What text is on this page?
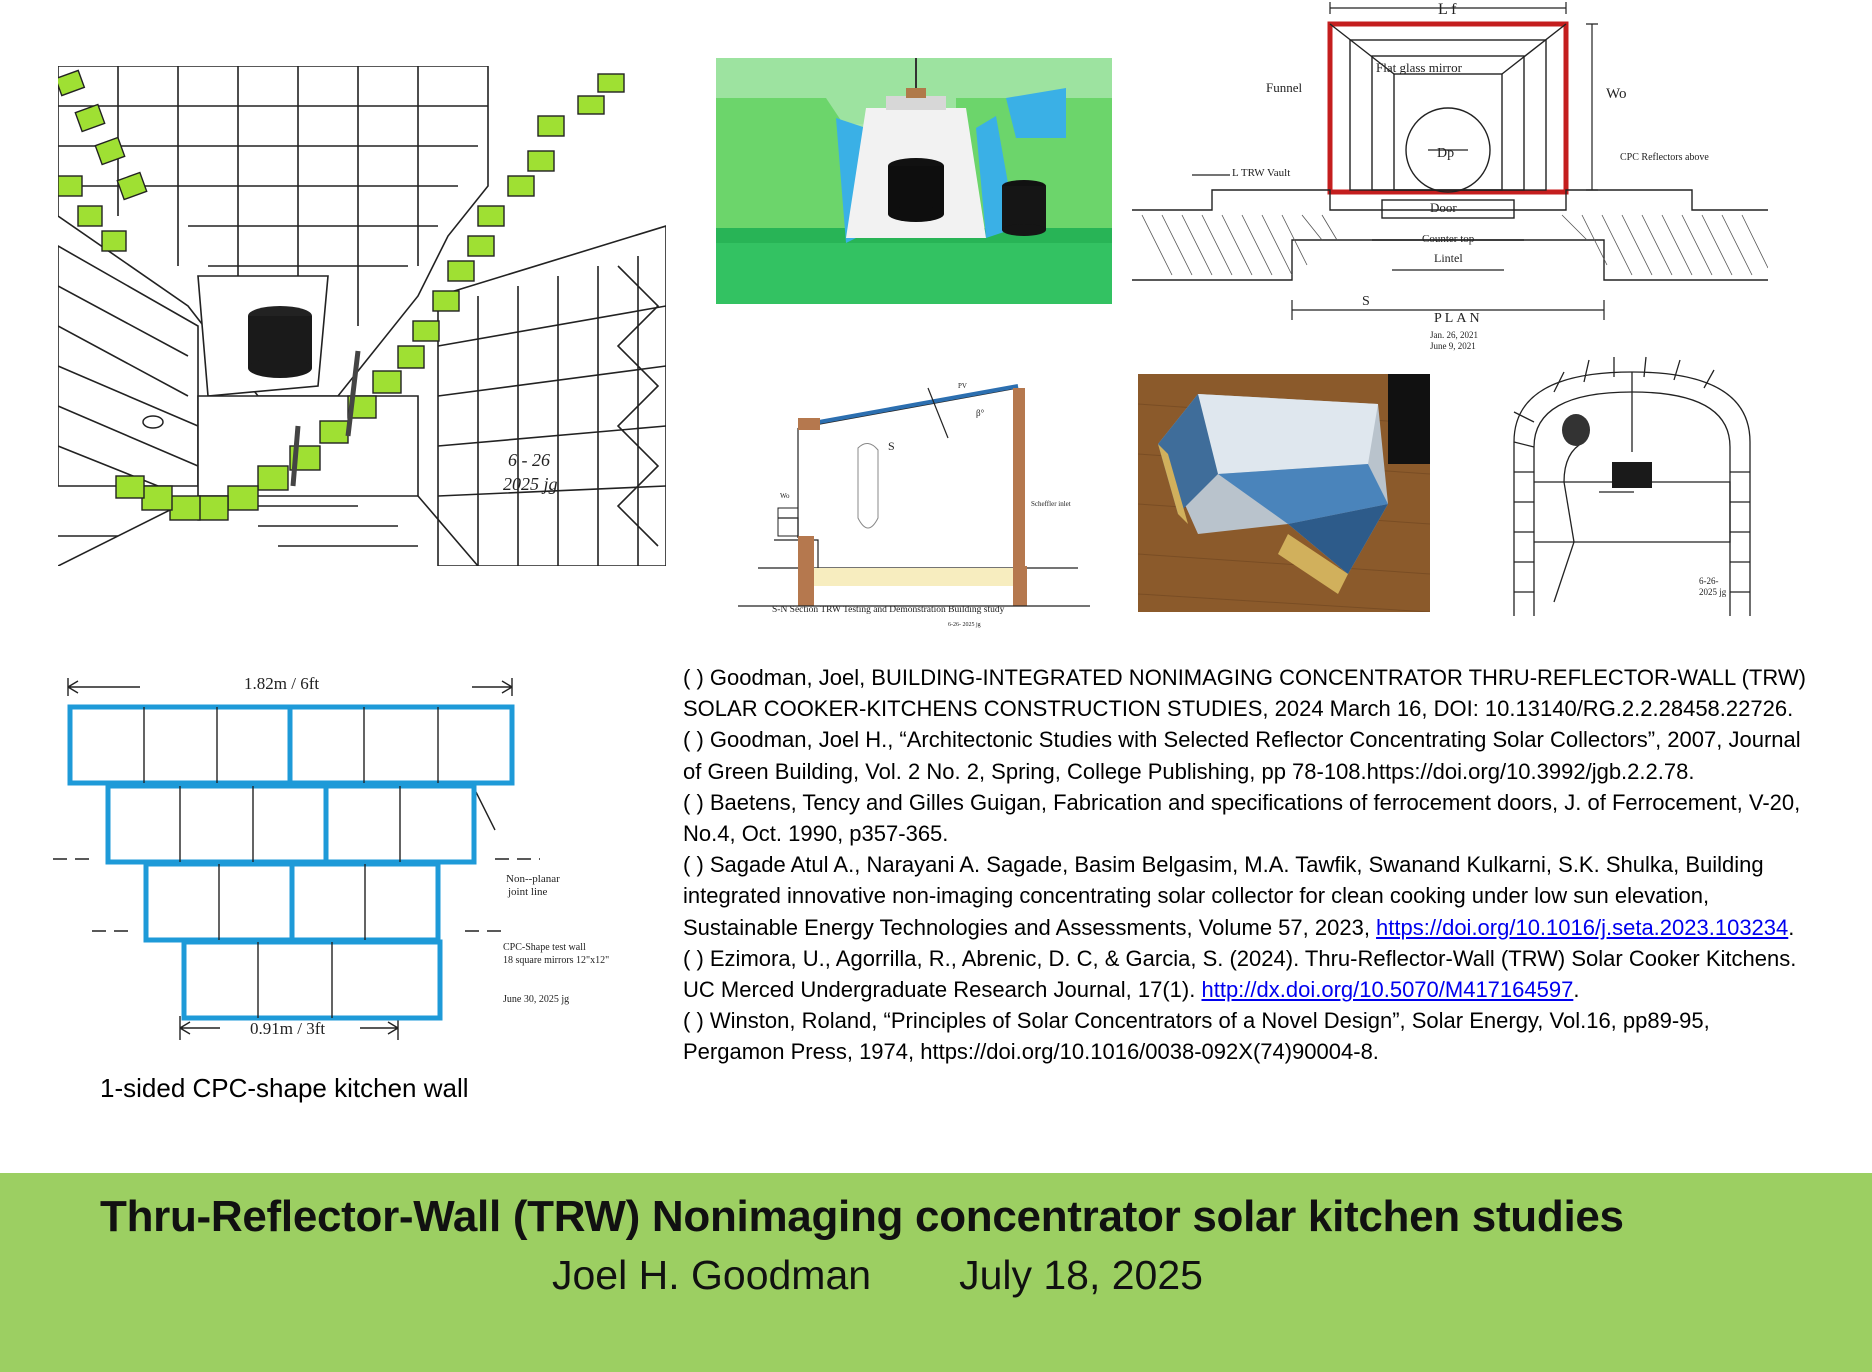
6 - 26 2025 jg
L f
Wo
Funnel
Flat glass mirror
Dp
L TRW Vault
CPC Reflectors above
Door
Counter top
Lintel
S
PLAN
Jan. 26, 2021
June 9, 2021
PV
S
β°
Wo
Scheffler inlet
S-N Section TRW Testing and Demonstration Building study
6-26- 2025 jg
6-26-2025 jg
1.82m / 6ft
0.91m / 3ft
Non--planar joint line
CPC-Shape test wall
18 square mirrors 12"x12"
June 30, 2025 jg
1-sided CPC-shape kitchen wall

( ) Goodman, Joel, BUILDING-INTEGRATED NONIMAGING CONCENTRATOR THRU-REFLECTOR-WALL (TRW) SOLAR COOKER-KITCHENS CONSTRUCTION STUDIES, 2024 March 16, DOI: 10.13140/RG.2.2.28458.22726.

( ) Goodman, Joel H., “Architectonic Studies with Selected Reflector Concentrating Solar Collectors”, 2007, Journal of Green Building, Vol. 2 No. 2, Spring, College Publishing, pp 78-108.https://doi.org/10.3992/jgb.2.2.78.

( ) Baetens, Tency and Gilles Guigan, Fabrication and specifications of ferrocement doors, J. of Ferrocement, V-20, No.4, Oct. 1990, p357-365.

( ) Sagade Atul A., Narayani A. Sagade, Basim Belgasim, M.A. Tawfik, Swanand Kulkarni, S.K. Shulka, Building integrated innovative non-imaging concentrating solar collector for clean cooking under low sun elevation, Sustainable Energy Technologies and Assessments, Volume 57, 2023, https://doi.org/10.1016/j.seta.2023.103234.

( ) Ezimora, U., Agorrilla, R., Abrenic, D. C, & Garcia, S. (2024). Thru-Reflector-Wall (TRW) Solar Cooker Kitchens. UC Merced Undergraduate Research Journal, 17(1). http://dx.doi.org/10.5070/M417164597.

( ) Winston, Roland, “Principles of Solar Concentrators of a Novel Design”, Solar Energy, Vol.16, pp89-95, Pergamon Press, 1974, https://doi.org/10.1016/0038-092X(74)90004-8.

Thru-Reflector-Wall (TRW) Nonimaging concentrator solar kitchen studies
Joel H. Goodman July 18, 2025
